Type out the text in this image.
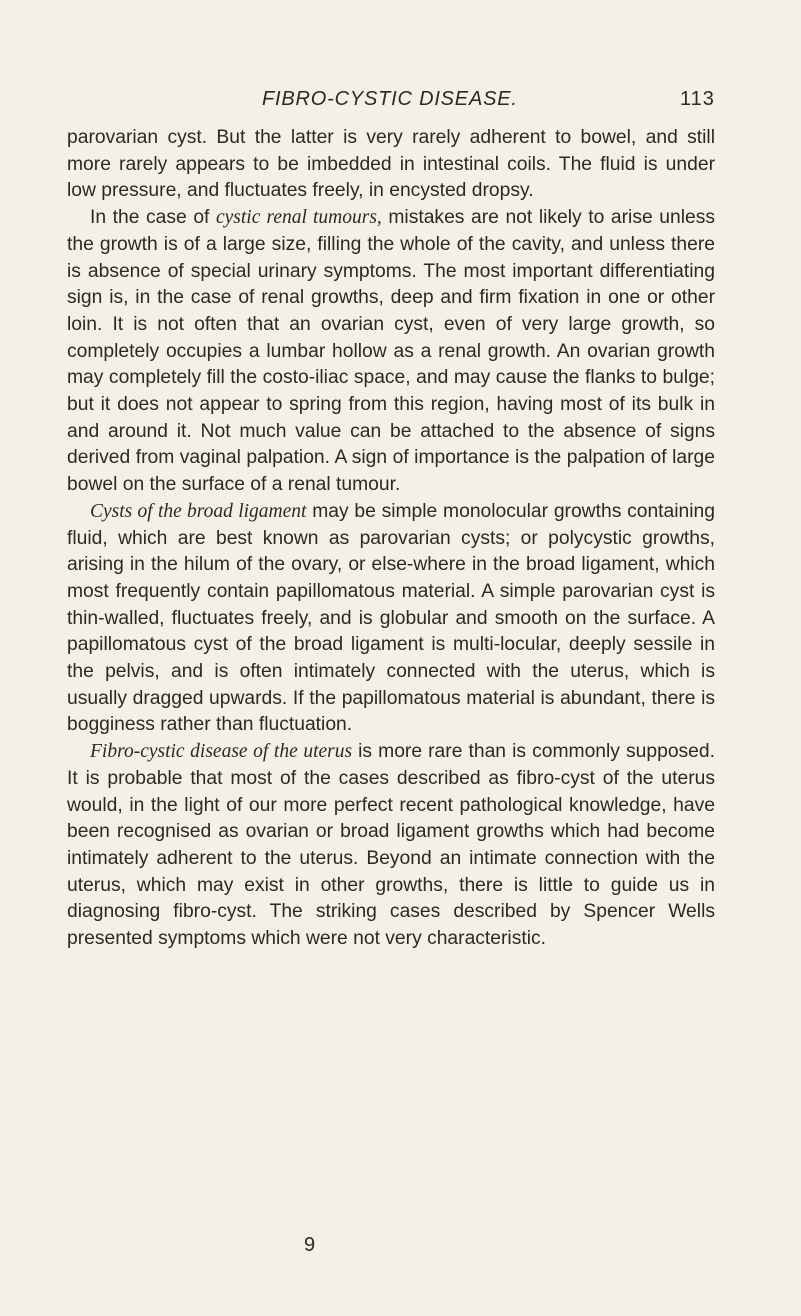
FIBRO-CYSTIC DISEASE.	113

parovarian cyst. But the latter is very rarely adherent to bowel, and still more rarely appears to be imbedded in intestinal coils. The fluid is under low pressure, and fluctuates freely, in encysted dropsy.

In the case of cystic renal tumours, mistakes are not likely to arise unless the growth is of a large size, filling the whole of the cavity, and unless there is absence of special urinary symptoms. The most important differentiating sign is, in the case of renal growths, deep and firm fixation in one or other loin. It is not often that an ovarian cyst, even of very large growth, so completely occupies a lumbar hollow as a renal growth. An ovarian growth may completely fill the costo-iliac space, and may cause the flanks to bulge; but it does not appear to spring from this region, having most of its bulk in and around it. Not much value can be attached to the absence of signs derived from vaginal palpation. A sign of importance is the palpation of large bowel on the surface of a renal tumour.

Cysts of the broad ligament may be simple monolocular growths containing fluid, which are best known as parovarian cysts; or polycystic growths, arising in the hilum of the ovary, or else-where in the broad ligament, which most frequently contain papillomatous material. A simple parovarian cyst is thin-walled, fluctuates freely, and is globular and smooth on the surface. A papillomatous cyst of the broad ligament is multi-locular, deeply sessile in the pelvis, and is often intimately connected with the uterus, which is usually dragged upwards. If the papillomatous material is abundant, there is bogginess rather than fluctuation.

Fibro-cystic disease of the uterus is more rare than is commonly supposed. It is probable that most of the cases described as fibro-cyst of the uterus would, in the light of our more perfect recent pathological knowledge, have been recognised as ovarian or broad ligament growths which had become intimately adherent to the uterus. Beyond an intimate connection with the uterus, which may exist in other growths, there is little to guide us in diagnosing fibro-cyst. The striking cases described by Spencer Wells presented symptoms which were not very characteristic.

9
